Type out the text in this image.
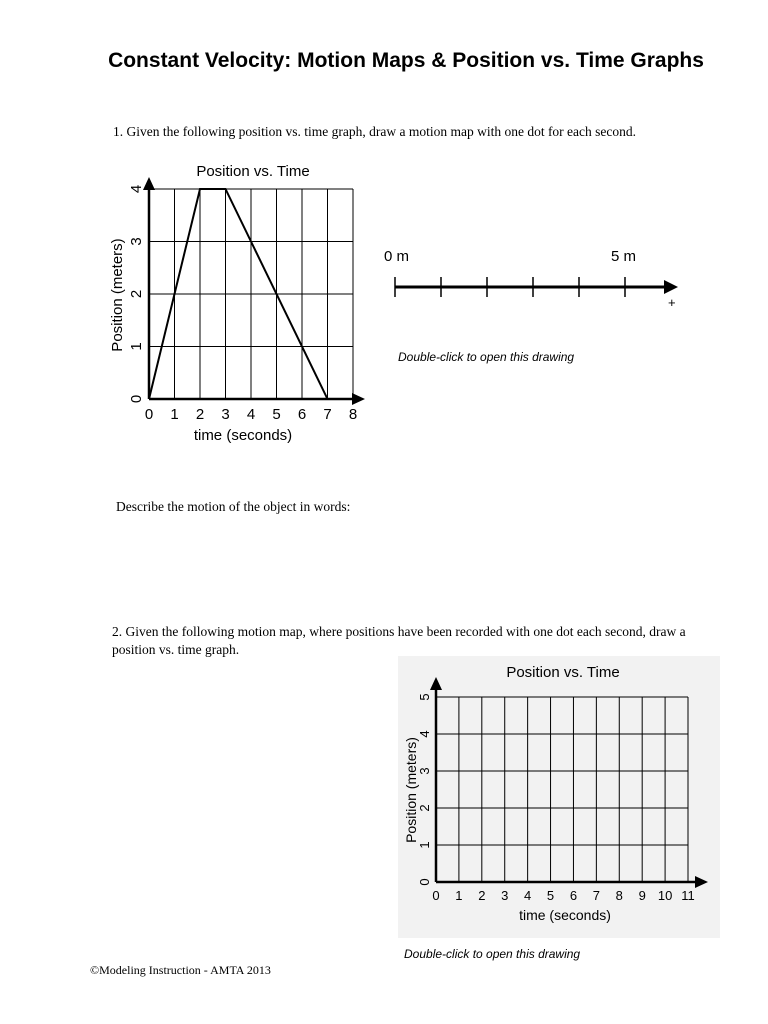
Constant Velocity: Motion Maps & Position vs. Time Graphs
1. Given the following position vs. time graph, draw a motion map with one dot for each second.
Position vs. Time
0 1 2 3 4 5 6 7 8
0
1
2
3
4
time (seconds)
Position (meters)	0 m	5 m
+
Double-click to open this drawing
Describe the motion of the object in words:
2. Given the following motion map, where positions have been recorded with one dot each second, draw a position vs. time graph.
Position vs. Time
0 1 2 3 4 5 6 7 8 9 10 11
0
1
2
3
4
5
time (seconds)
Position (meters)
Double-click to open this drawing
©Modeling Instruction - AMTA 2013
